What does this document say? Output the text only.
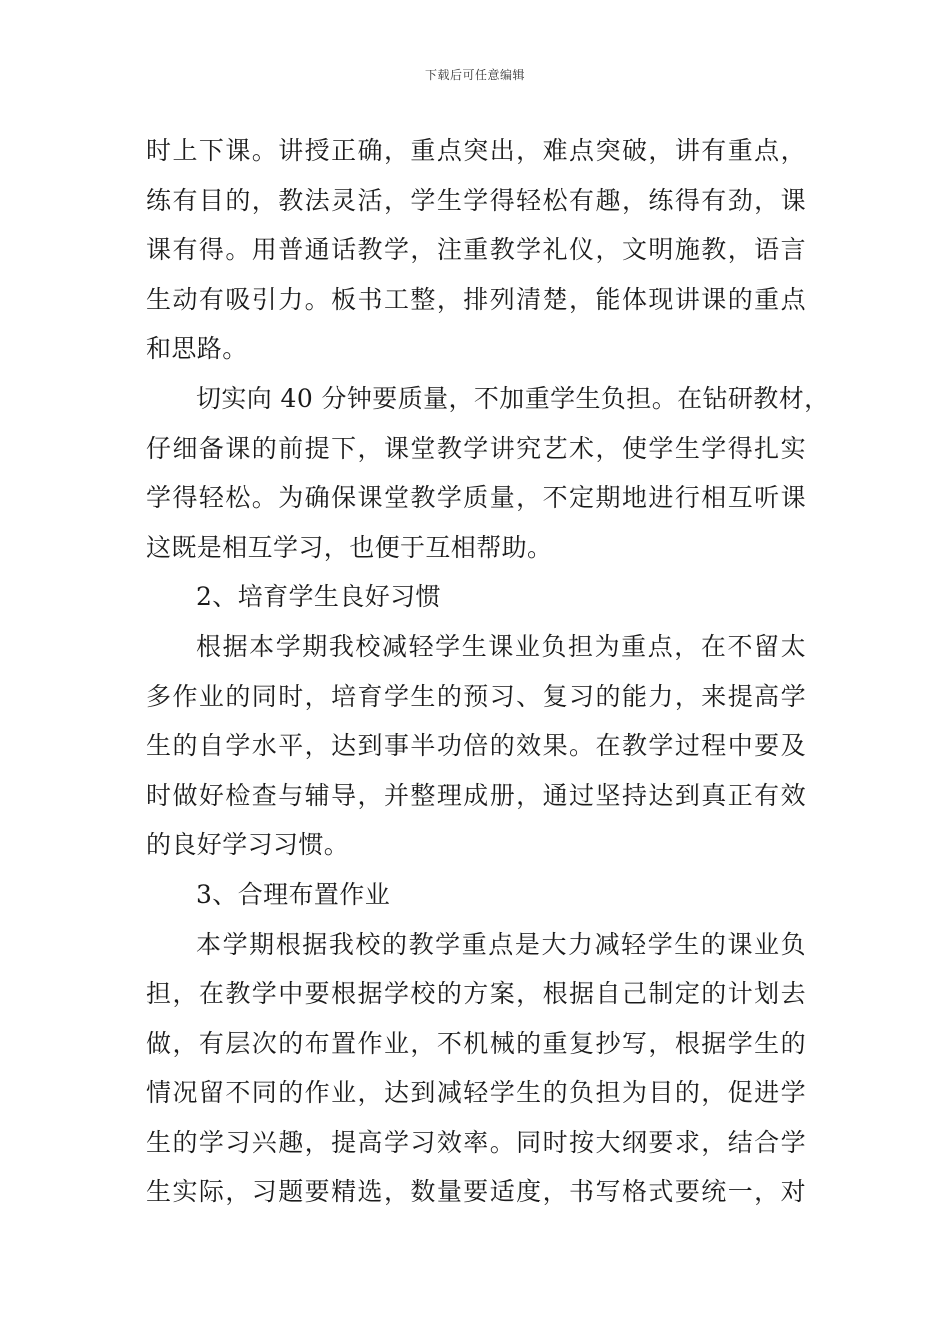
下载后可任意编辑
时上下课。讲授正确，重点突出，难点突破，讲有重点，
练有目的，教法灵活，学生学得轻松有趣，练得有劲，课
课有得。用普通话教学，注重教学礼仪，文明施教，语言
生动有吸引力。板书工整，排列清楚，能体现讲课的重点
和思路。
切实向 40 分钟要质量，不加重学生负担。在钻研教材，
仔细备课的前提下，课堂教学讲究艺术，使学生学得扎实
学得轻松。为确保课堂教学质量，不定期地进行相互听课
这既是相互学习，也便于互相帮助。
2、培育学生良好习惯
根据本学期我校减轻学生课业负担为重点，在不留太
多作业的同时，培育学生的预习、复习的能力，来提高学
生的自学水平，达到事半功倍的效果。在教学过程中要及
时做好检查与辅导，并整理成册，通过坚持达到真正有效
的良好学习习惯。
3、合理布置作业
本学期根据我校的教学重点是大力减轻学生的课业负
担，在教学中要根据学校的方案，根据自己制定的计划去
做，有层次的布置作业，不机械的重复抄写，根据学生的
情况留不同的作业，达到减轻学生的负担为目的，促进学
生的学习兴趣，提高学习效率。同时按大纲要求，结合学
生实际，习题要精选，数量要适度，书写格式要统一，对
